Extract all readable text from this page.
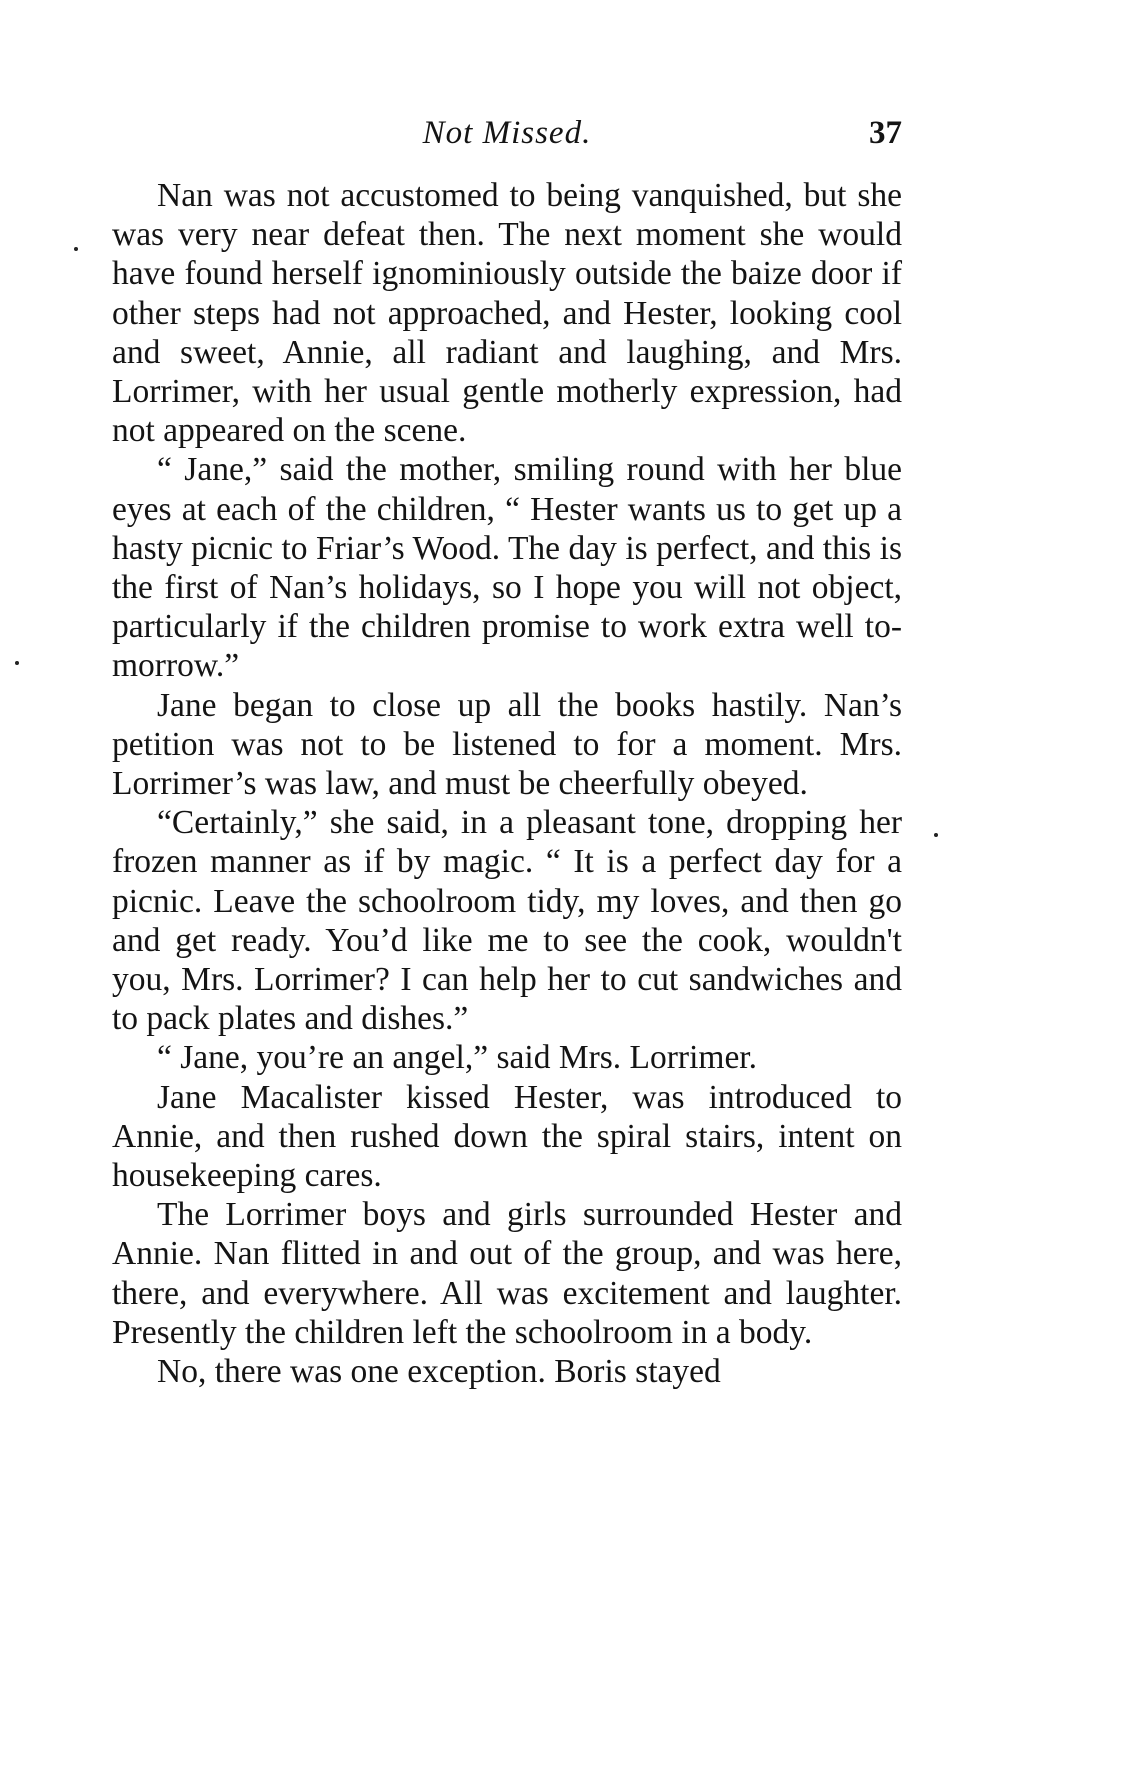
Not Missed.	37

Nan was not accustomed to being vanquished, but she was very near defeat then. The next moment she would have found herself ignominiously outside the baize door if other steps had not approached, and Hester, looking cool and sweet, Annie, all radiant and laughing, and Mrs. Lorrimer, with her usual gentle motherly expression, had not appeared on the scene.

“ Jane,” said the mother, smiling round with her blue eyes at each of the children, “ Hester wants us to get up a hasty picnic to Friar’s Wood. The day is perfect, and this is the first of Nan’s holidays, so I hope you will not object, particularly if the children promise to work extra well to-morrow.”

Jane began to close up all the books hastily. Nan’s petition was not to be listened to for a moment. Mrs. Lorrimer’s was law, and must be cheerfully obeyed.

“Certainly,” she said, in a pleasant tone, dropping her frozen manner as if by magic. “ It is a perfect day for a picnic. Leave the schoolroom tidy, my loves, and then go and get ready. You’d like me to see the cook, wouldn't you, Mrs. Lorrimer? I can help her to cut sandwiches and to pack plates and dishes.”

“ Jane, you’re an angel,” said Mrs. Lorrimer.

Jane Macalister kissed Hester, was introduced to Annie, and then rushed down the spiral stairs, intent on housekeeping cares.

The Lorrimer boys and girls surrounded Hester and Annie. Nan flitted in and out of the group, and was here, there, and everywhere. All was excitement and laughter. Presently the children left the schoolroom in a body.

No, there was one exception. Boris stayed
